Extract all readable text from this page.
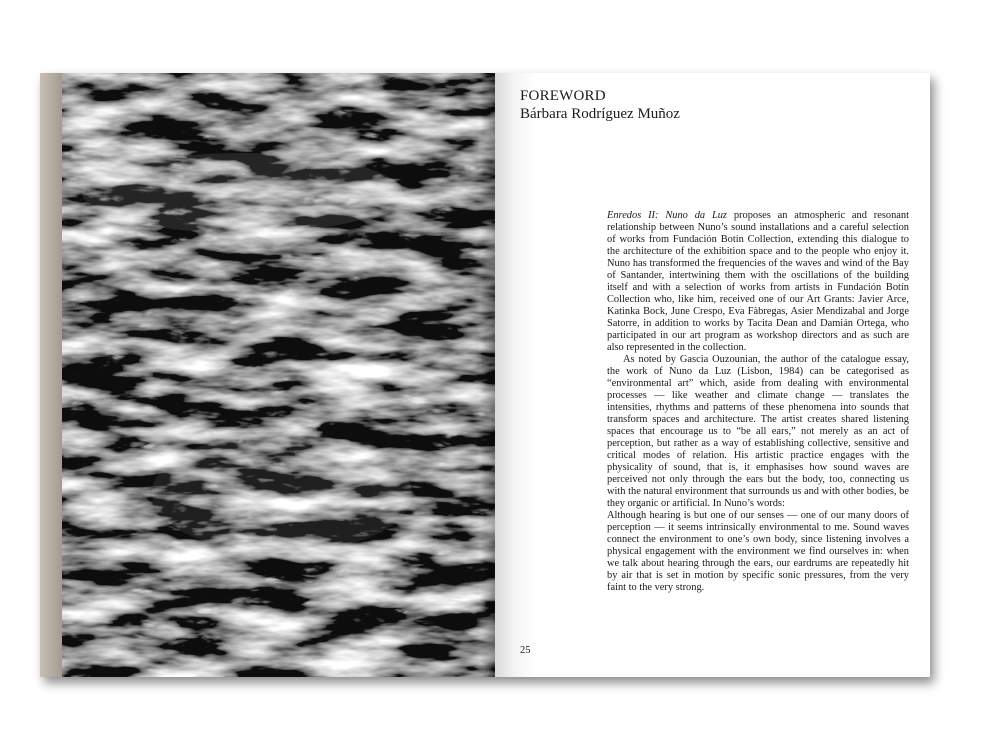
FOREWORD
Bárbara Rodríguez Muñoz

Enredos II: Nuno da Luz proposes an atmospheric and resonant relationship between Nuno’s sound installations and a careful selection of works from Fundación Botín Collection, extending this dialogue to the architecture of the exhibition space and to the people who enjoy it. Nuno has transformed the frequencies of the waves and wind of the Bay of Santander, intertwining them with the oscillations of the building itself and with a selection of works from artists in Fundación Botín Collection who, like him, received one of our Art Grants: Javier Arce, Katinka Bock, June Crespo, Eva Fàbregas, Asier Mendizabal and Jorge Satorre, in addition to works by Tacita Dean and Damián Ortega, who participated in our art program as workshop directors and as such are also represented in the collection.

As noted by Gascia Ouzounian, the author of the catalogue essay, the work of Nuno da Luz (Lisbon, 1984) can be categorised as “environmental art” which, aside from dealing with environmental processes — like weather and climate change — translates the intensities, rhythms and patterns of these phenomena into sounds that transform spaces and architecture. The artist creates shared listening spaces that encourage us to “be all ears,” not merely as an act of perception, but rather as a way of establishing collective, sensitive and critical modes of relation. His artistic practice engages with the physicality of sound, that is, it emphasises how sound waves are perceived not only through the ears but the body, too, connecting us with the natural environment that surrounds us and with other bodies, be they organic or artificial. In Nuno’s words:

Although hearing is but one of our senses — one of our many doors of perception — it seems intrinsically environmental to me. Sound waves connect the environment to one’s own body, since listening involves a physical engagement with the environment we find ourselves in: when we talk about hearing through the ears, our eardrums are repeatedly hit by air that is set in motion by specific sonic pressures, from the very faint to the very strong.

25
